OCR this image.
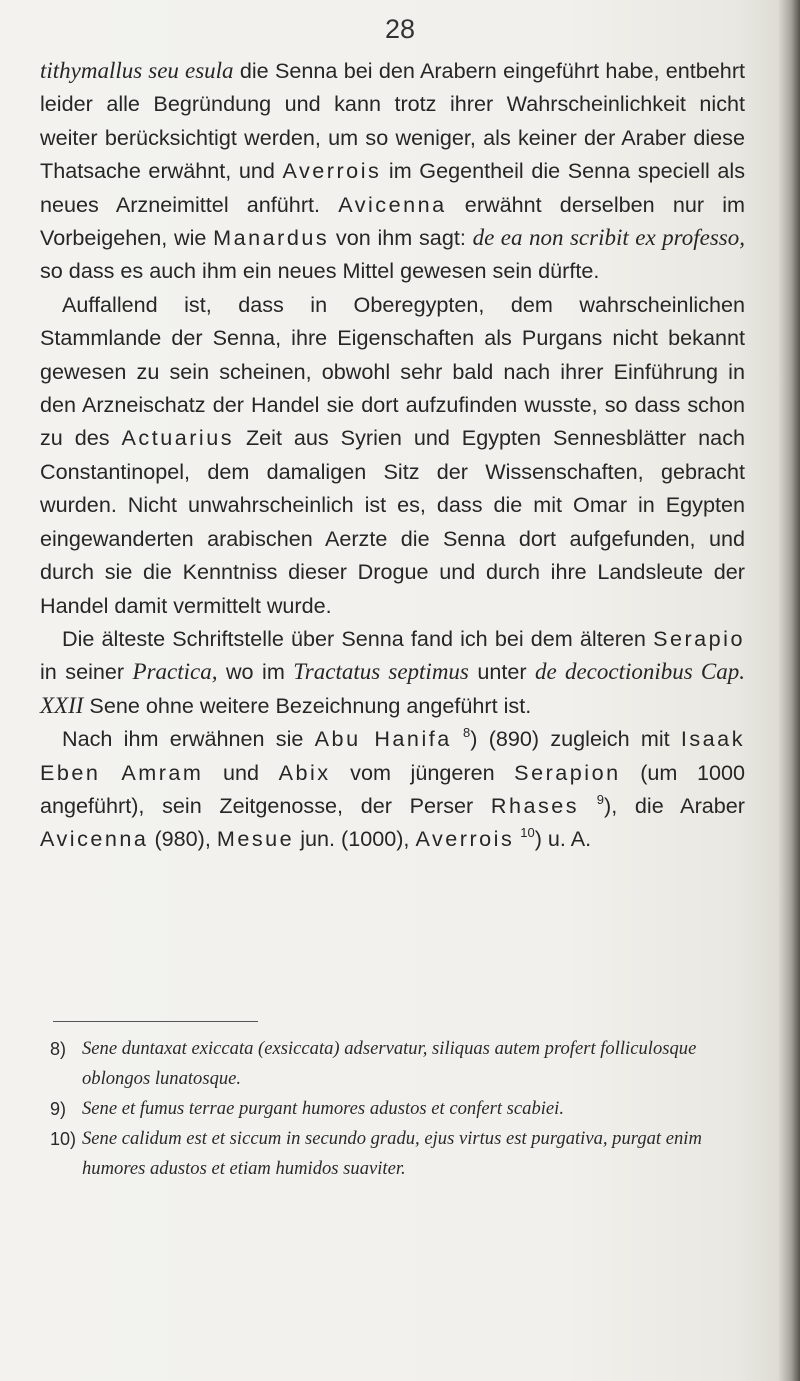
28

tithymallus seu esula die Senna bei den Arabern eingeführt habe, entbehrt leider alle Begründung und kann trotz ihrer Wahrscheinlichkeit nicht weiter berücksichtigt werden, um so weniger, als keiner der Araber diese Thatsache erwähnt, und Averrois im Gegentheil die Senna speciell als neues Arzneimittel anführt. Avicenna erwähnt derselben nur im Vorbeigehen, wie Manardus von ihm sagt: de ea non scribit ex professo, so dass es auch ihm ein neues Mittel gewesen sein dürfte.

Auffallend ist, dass in Oberegypten, dem wahrscheinlichen Stammlande der Senna, ihre Eigenschaften als Purgans nicht bekannt gewesen zu sein scheinen, obwohl sehr bald nach ihrer Einführung in den Arzneischatz der Handel sie dort aufzufinden wusste, so dass schon zu des Actuarius Zeit aus Syrien und Egypten Sennesblätter nach Constantinopel, dem damaligen Sitz der Wissenschaften, gebracht wurden. Nicht unwahrscheinlich ist es, dass die mit Omar in Egypten eingewanderten arabischen Aerzte die Senna dort aufgefunden, und durch sie die Kenntniss dieser Drogue und durch ihre Landsleute der Handel damit vermittelt wurde.

Die älteste Schriftstelle über Senna fand ich bei dem älteren Serapio in seiner Practica, wo im Tractatus septimus unter de decoctionibus Cap. XXII Sene ohne weitere Bezeichnung angeführt ist.

Nach ihm erwähnen sie Abu Hanifa $^8$) (890) zugleich mit Isaak Eben Amram und Abix vom jüngeren Serapion (um 1000 angeführt), sein Zeitgenosse, der Perser Rhases $^9$), die Araber Avicenna (980), Mesue jun. (1000), Averrois $^{10}$) u. A.

8) Sene duntaxat exiccata (exsiccata) adservatur, siliquas autem profert folliculosque oblongos lunatosque.
9) Sene et fumus terrae purgant humores adustos et confert scabiei.
10) Sene calidum est et siccum in secundo gradu, ejus virtus est purgativa, purgat enim humores adustos et etiam humidos suaviter.
